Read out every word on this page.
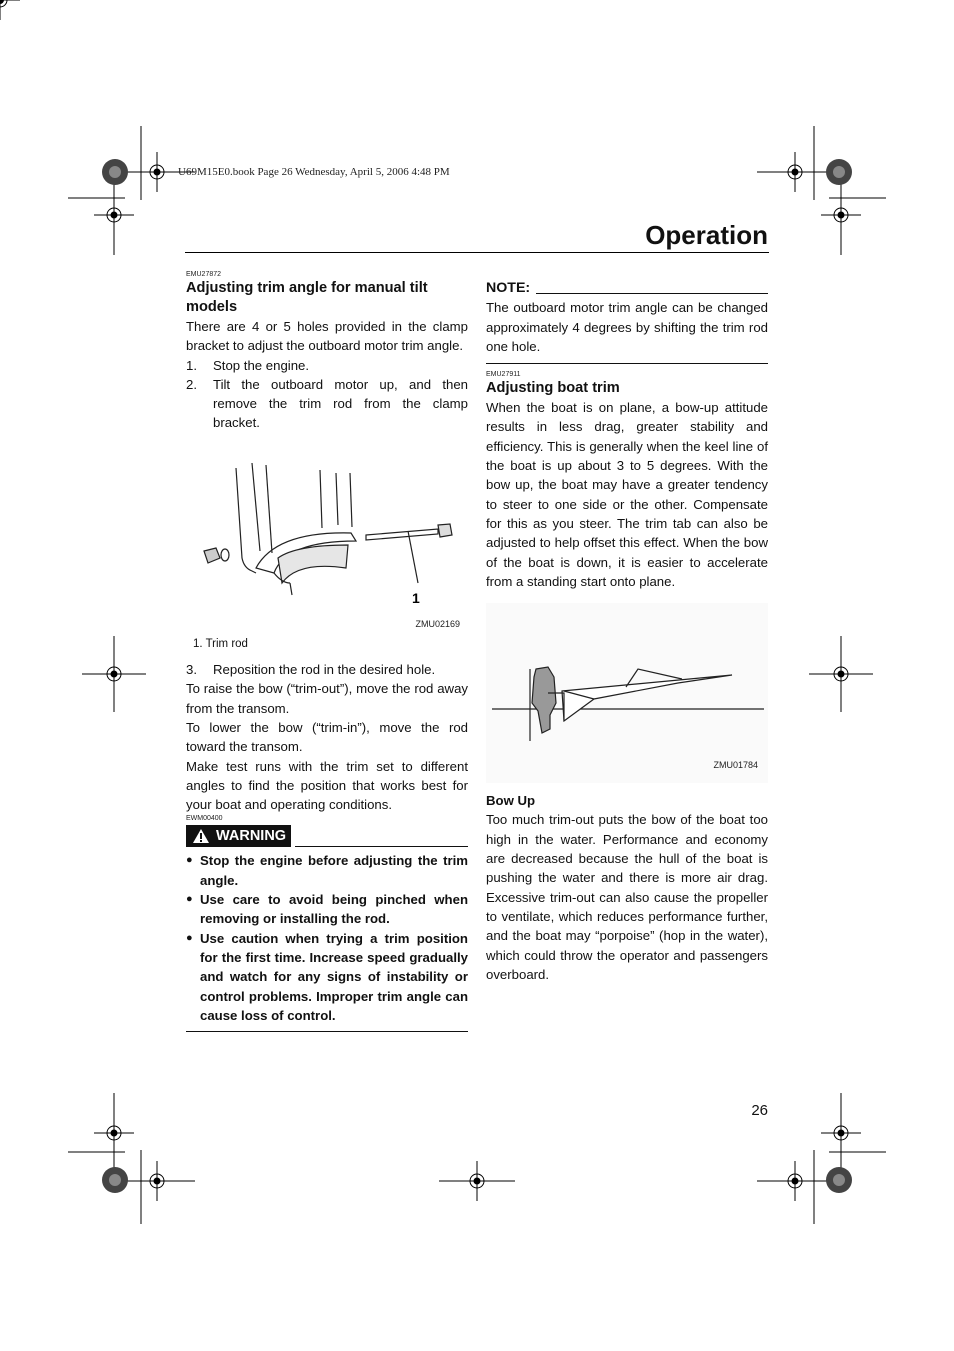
U69M15E0.book Page 26 Wednesday, April 5, 2006 4:48 PM
Operation
EMU27872
Adjusting trim angle for manual tilt models

There are 4 or 5 holes provided in the clamp bracket to adjust the outboard motor trim angle.

1.	Stop the engine.
2.	Tilt the outboard motor up, and then remove the trim rod from the clamp bracket.
1
ZMU02169
1. Trim rod
3.	Reposition the rod in the desired hole.

To raise the bow (“trim-out”), move the rod away from the transom.

To lower the bow (“trim-in”), move the rod toward the transom.

Make test runs with the trim set to different angles to find the position that works best for your boat and operating conditions.

EWM00400
WARNING
● Stop the engine before adjusting the trim angle.
● Use care to avoid being pinched when removing or installing the rod.
● Use caution when trying a trim position for the first time. Increase speed gradually and watch for any signs of instability or control problems. Improper trim angle can cause loss of control.
NOTE:

The outboard motor trim angle can be changed approximately 4 degrees by shifting the trim rod one hole.

EMU27911
Adjusting boat trim

When the boat is on plane, a bow-up attitude results in less drag, greater stability and efficiency. This is generally when the keel line of the boat is up about 3 to 5 degrees. With the bow up, the boat may have a greater tendency to steer to one side or the other. Compensate for this as you steer. The trim tab can also be adjusted to help offset this effect. When the bow of the boat is down, it is easier to accelerate from a standing start onto plane.

ZMU01784
Bow Up

Too much trim-out puts the bow of the boat too high in the water. Performance and economy are decreased because the hull of the boat is pushing the water and there is more air drag. Excessive trim-out can also cause the propeller to ventilate, which reduces performance further, and the boat may “porpoise” (hop in the water), which could throw the operator and passengers overboard.

26
